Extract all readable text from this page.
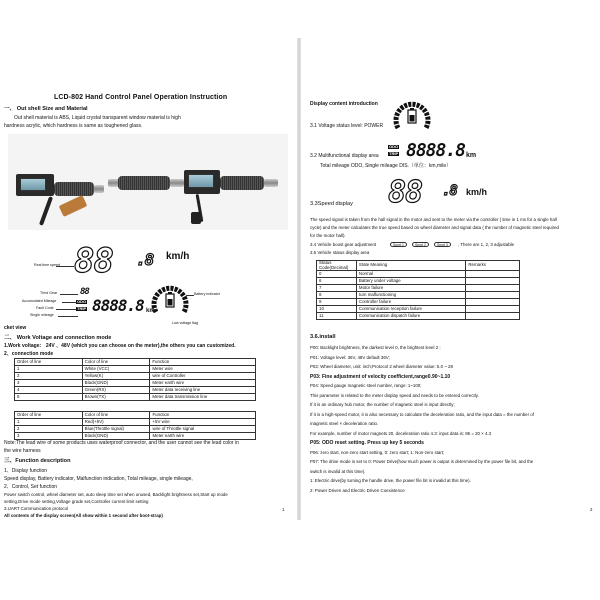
LCD-802 Hand Control Panel Operation Instruction
一、 Out shell Size and Material
Out shell material is ABS, Liquid crystal transparent window material is high
hardness acrylic, which hardness is same as toughened glass.
88 .8 km/h
Real time speed
Third Gear
Accumulated Mileage
Fault Code
Single mileage
88
ODO
TRIP 8888.8 km
Battery indicator
Low voltage flag
cket view
二、 Work Voltage and connection mode
1.Work voltage： 24V 、48V (which you can choose on the meter),the others you can customized.
2、connection mode
Order of line	Color of line	Function
1	White (VCC)	Meter wire
2	Yellow(K)	wire of Controller
3	Black(GND)	Meter earth wire
4	Green(RX)	Meter data receiving line
5	Brown(TX)	Meter data transmission line
Order of line	Color of line	Function
1	Red(+5V)	+5V wire
2	Blue(Throttle signal)	wire of Throttle signal
3	Black(GND)	Meter earth wire
Note:The lead wire of some products uses waterproof connector, and the user cannot see the lead color in
the wire harness
三、Function description
1、Display function
Speed display, Battery indicator, Malfunction indication, Total mileage, single mileage,
2、Control, Set function
Power switch control, wheel diameter set, auto sleep time set when unused, Backlight brightness set,Start up mode
setting,Drive mode setting,Voltage grade set,Controller current limit setting
3.UART Communication protocol
All contents of the display screen(All show within 1 second after boot-strap)
1
Display content introduction
3.1 Voltage status level: POWER
ODO
TRIP 8888.8 km
3.2 Multifunctional display area
Total mileage ODO, Single mileage DIS.（单位：km,mile）
88 .8 km/h
3.3Speed display
The speed signal is taken from the hall signal in the motor and sent to the meter via the controller ( time in 1 ms for a single hall
cycle) and the meter calculates the true speed based on wheel diameter and signal data ( the number of magnetic steel required
for the motor hall).
3.4 Vehicle boost gear adjustment	Sport 1	Sport 2	Sport 3	, There are 1, 2, 3 adjustable
3.5 Vehicle status display area
Status Code(Decimal)	State Meaning	Remarks
0	Normal	
6	Battery under voltage	
7	Motor failure	
8	turn malfunctioning	
9	Controller failure	
10	Communication reception failure	
11	Communication dispatch failure	
3.6.install
P00: Backlight brightness, the darkest level 0, the brightest level 2 ;
P01: Voltage level: 36V, 48V default 36V;
P02: Wheel diameter, unit: inch;Protocol 2 wheel diameter value: 5.0 ~ 28
P03: Fine adjustment of velocity coefficient,range0.90~1.10
P04: Speed gauge magnetic steel number, range: 1~100;
This parameter is related to the meter display speed and needs to be entered correctly.
If it is an ordinary hub motor, the number of magnetic steel is input directly;
If it is a high-speed motor, it is also necessary to calculate the deceleration ratio, and the input data = the number of
magnetic steel × deceleration ratio.
For example, number of motor magnets 20, deceleration ratio 4.3: input data is: 86 = 20 × 4.3
P05: ODO reset setting. Press up key 5 seconds
P06: zero start, non-zero start setting, 0: zero start; 1: Non-zero start;
P07: The drive mode is set to 0: Power Drive(how much power is output is determined by the power file bit, and the
switch is invalid at this time).
1: Electric drive(by turning the handle drive, the power file bit is invalid at this time).
2: Power Driven and Electric Driven Coexistence
2
